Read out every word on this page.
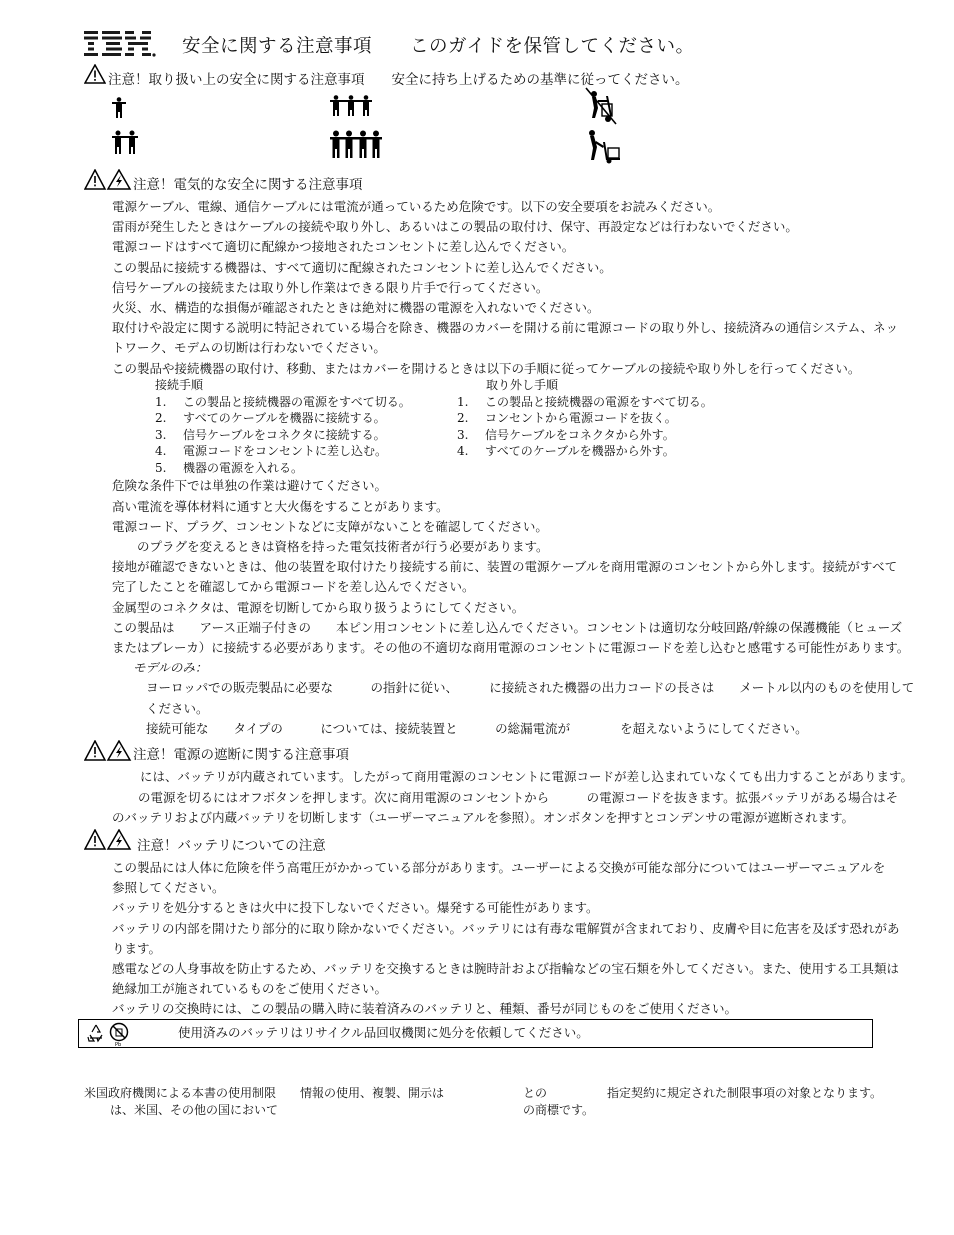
安全に関する注意事項　　このガイドを保管してください。
注意！取り扱い上の安全に関する注意事項　　安全に持ち上げるための基準に従ってください。
注意！電気的な安全に関する注意事項
電源ケーブル、電線、通信ケーブルには電流が通っているため危険です。以下の安全要項をお読みください。
雷雨が発生したときはケーブルの接続や取り外し、あるいはこの製品の取付け、保守、再設定などは行わないでください。
電源コードはすべて適切に配線かつ接地されたコンセントに差し込んでください。
この製品に接続する機器は、すべて適切に配線されたコンセントに差し込んでください。
信号ケーブルの接続または取り外し作業はできる限り片手で行ってください。
火災、水、構造的な損傷が確認されたときは絶対に機器の電源を入れないでください。
取付けや設定に関する説明に特記されている場合を除き、機器のカバーを開ける前に電源コードの取り外し、接続済みの通信システム、ネッ
トワーク、モデムの切断は行わないでください。
この製品や接続機器の取付け、移動、またはカバーを開けるときは以下の手順に従ってケーブルの接続や取り外しを行ってください。
接続手順
1. この製品と接続機器の電源をすべて切る。
2. すべてのケーブルを機器に接続する。
3. 信号ケーブルをコネクタに接続する。
4. 電源コードをコンセントに差し込む。
5. 機器の電源を入れる。
取り外し手順
1. この製品と接続機器の電源をすべて切る。
2. コンセントから電源コードを抜く。
3. 信号ケーブルをコネクタから外す。
4. すべてのケーブルを機器から外す。
危険な条件下では単独の作業は避けてください。
高い電流を導体材料に通すと大火傷をすることがあります。
電源コード、プラグ、コンセントなどに支障がないことを確認してください。
　　のプラグを変えるときは資格を持った電気技術者が行う必要があります。
接地が確認できないときは、他の装置を取付けたり接続する前に、装置の電源ケーブルを商用電源のコンセントから外します。接続がすべて
完了したことを確認してから電源コードを差し込んでください。
金属型のコネクタは、電源を切断してから取り扱うようにしてください。
この製品は　　アース正端子付きの　　本ピン用コンセントに差し込んでください。コンセントは適切な分岐回路/幹線の保護機能（ヒューズ
またはブレーカ）に接続する必要があります。その他の不適切な商用電源のコンセントに電源コードを差し込むと感電する可能性があります。
モデルのみ：
ヨーロッパでの販売製品に必要な　　　の指針に従い、　　　に接続された機器の出力コードの長さは　　メートル以内のものを使用して
ください。
接続可能な　　タイプの　　　については、接続装置と　　　の総漏電流が　　　　を超えないようにしてください。
注意！電源の遮断に関する注意事項
には、バッテリが内蔵されています。したがって商用電源のコンセントに電源コードが差し込まれていなくても出力することがあります。
の電源を切るにはオフボタンを押します。次に商用電源のコンセントから　　　の電源コードを抜きます。拡張バッテリがある場合はそ
のバッテリおよび内蔵バッテリを切断します（ユーザーマニュアルを参照）。オンボタンを押すとコンデンサの電源が遮断されます。
注意！バッテリについての注意
この製品には人体に危険を伴う高電圧がかかっている部分があります。ユーザーによる交換が可能な部分についてはユーザーマニュアルを
参照してください。
バッテリを処分するときは火中に投下しないでください。爆発する可能性があります。
バッテリの内部を開けたり部分的に取り除かないでください。バッテリには有毒な電解質が含まれており、皮膚や目に危害を及ぼす恐れがあ
ります。
感電などの人身事故を防止するため、バッテリを交換するときは腕時計および指輪などの宝石類を外してください。また、使用する工具類は
絶縁加工が施されているものをご使用ください。
バッテリの交換時には、この製品の購入時に装着済みのバッテリと、種類、番号が同じものをご使用ください。
Pb
使用済みのバッテリはリサイクル品回収機関に処分を依頼してください。
米国政府機関による本書の使用制限　　情報の使用、複製、開示は	との	指定契約に規定された制限事項の対象となります。
は、米国、その他の国において	の商標です。
